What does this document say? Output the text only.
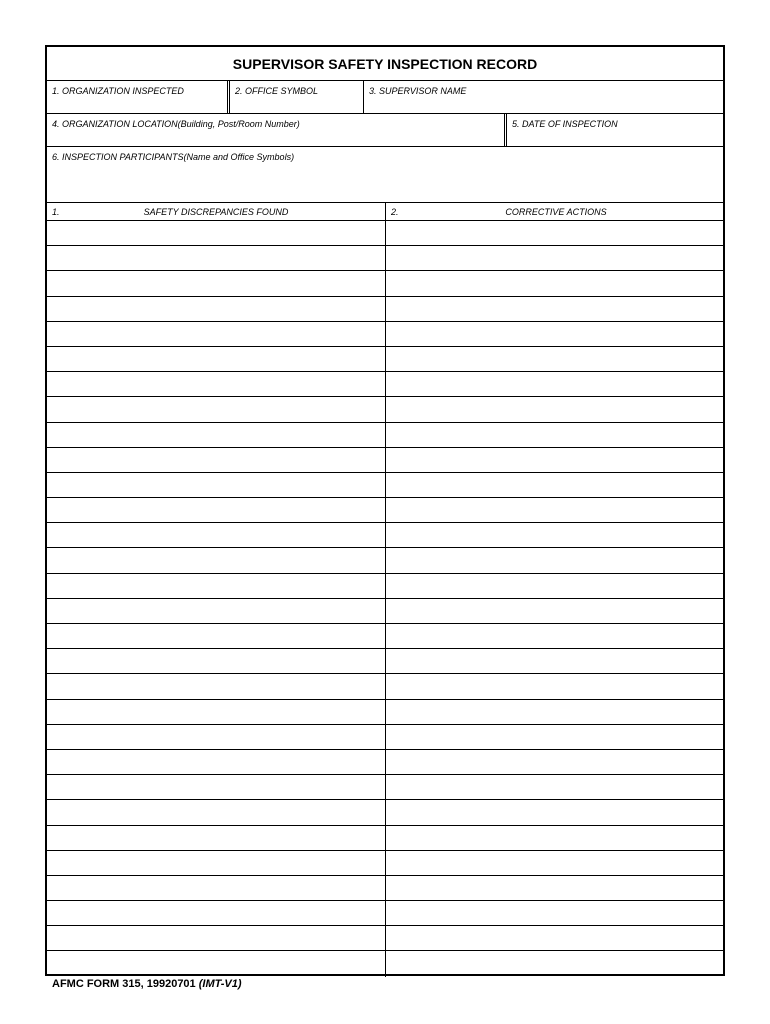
SUPERVISOR SAFETY INSPECTION RECORD
1. ORGANIZATION INSPECTED	2. OFFICE SYMBOL	3. SUPERVISOR NAME
4. ORGANIZATION LOCATION(Building, Post/Room Number)	5. DATE OF INSPECTION
6. INSPECTION PARTICIPANTS(Name and Office Symbols)
1.	SAFETY DISCREPANCIES FOUND	2.	CORRECTIVE ACTIONS
AFMC FORM 315, 19920701 (IMT-V1)
